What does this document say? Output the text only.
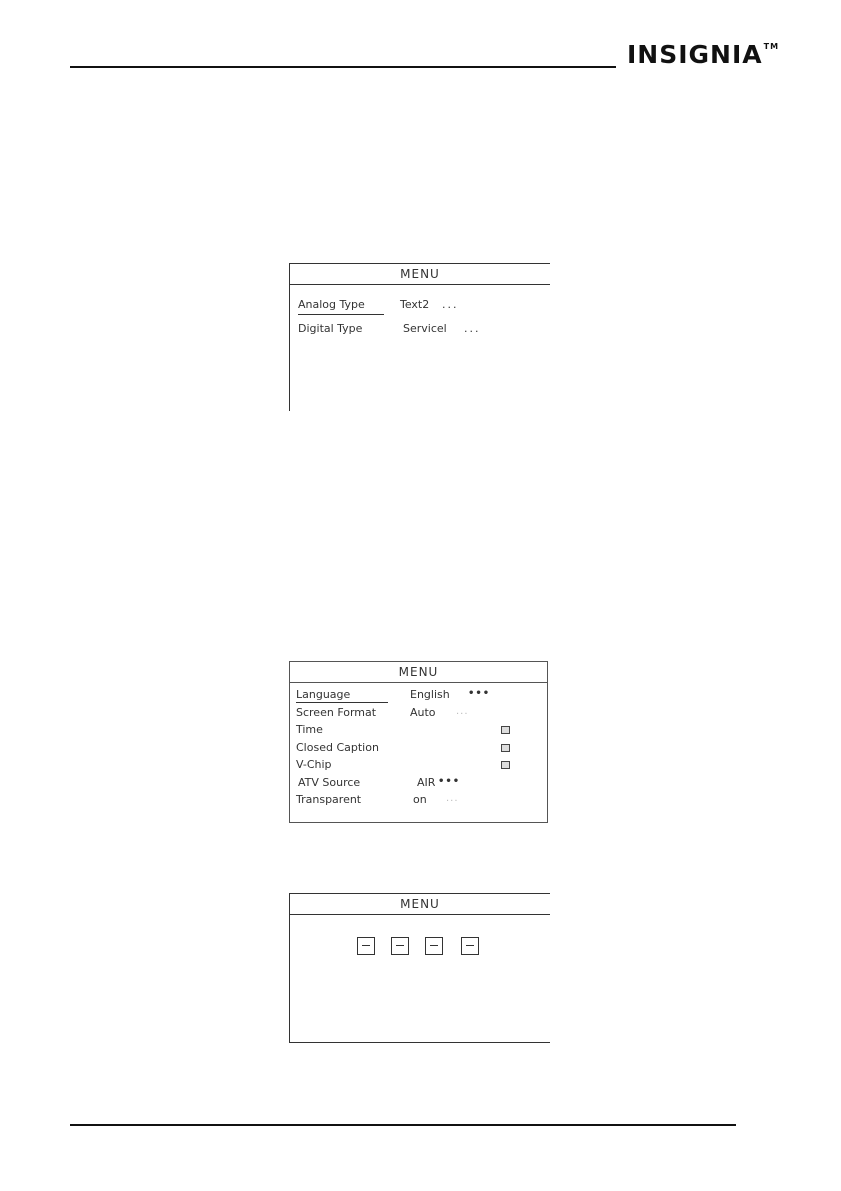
INSIGNIA™
MENU
Analog Type	Text2 ...
Digital Type	Servicel ...
MENU
Language	English •••
Screen Format	Auto ...
Time
Closed Caption
V-Chip
ATV Source	AIR •••
Transparent	on ...
MENU
